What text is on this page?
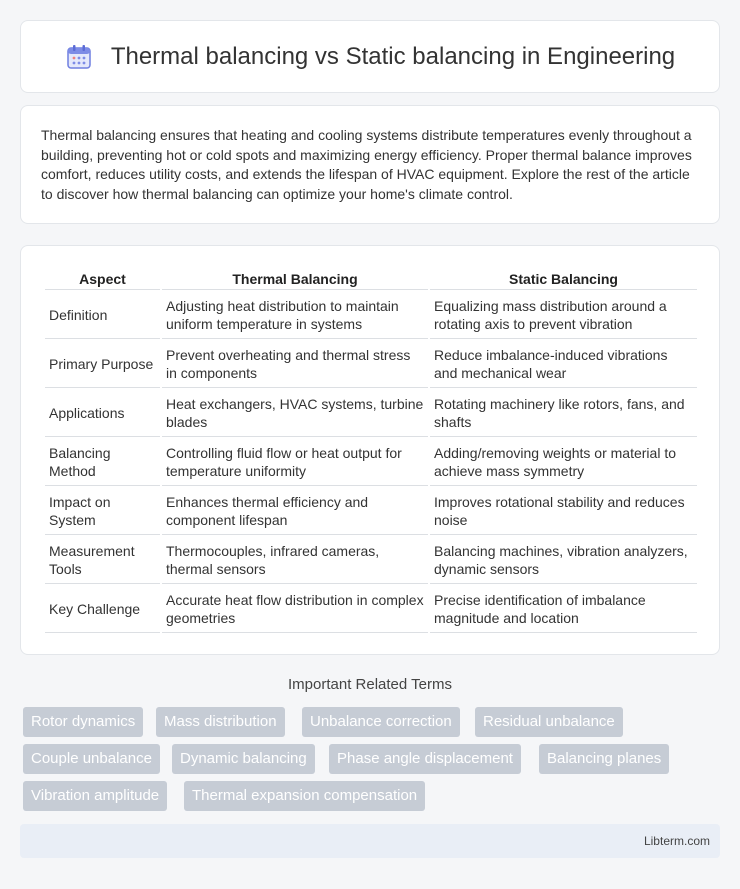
Thermal balancing vs Static balancing in Engineering

Thermal balancing ensures that heating and cooling systems distribute temperatures evenly throughout a building, preventing hot or cold spots and maximizing energy efficiency. Proper thermal balance improves comfort, reduces utility costs, and extends the lifespan of HVAC equipment. Explore the rest of the article to discover how thermal balancing can optimize your home's climate control.

Aspect	Thermal Balancing	Static Balancing
Definition	Adjusting heat distribution to maintain uniform temperature in systems	Equalizing mass distribution around a rotating axis to prevent vibration
Primary Purpose	Prevent overheating and thermal stress in components	Reduce imbalance-induced vibrations and mechanical wear
Applications	Heat exchangers, HVAC systems, turbine blades	Rotating machinery like rotors, fans, and shafts
Balancing Method	Controlling fluid flow or heat output for temperature uniformity	Adding/removing weights or material to achieve mass symmetry
Impact on System	Enhances thermal efficiency and component lifespan	Improves rotational stability and reduces noise
Measurement Tools	Thermocouples, infrared cameras, thermal sensors	Balancing machines, vibration analyzers, dynamic sensors
Key Challenge	Accurate heat flow distribution in complex geometries	Precise identification of imbalance magnitude and location
Important Related Terms
Rotor dynamics	Mass distribution	Unbalance correction	Residual unbalance
Couple unbalance	Dynamic balancing	Phase angle displacement	Balancing planes
Vibration amplitude	Thermal expansion compensation
Libterm.com
